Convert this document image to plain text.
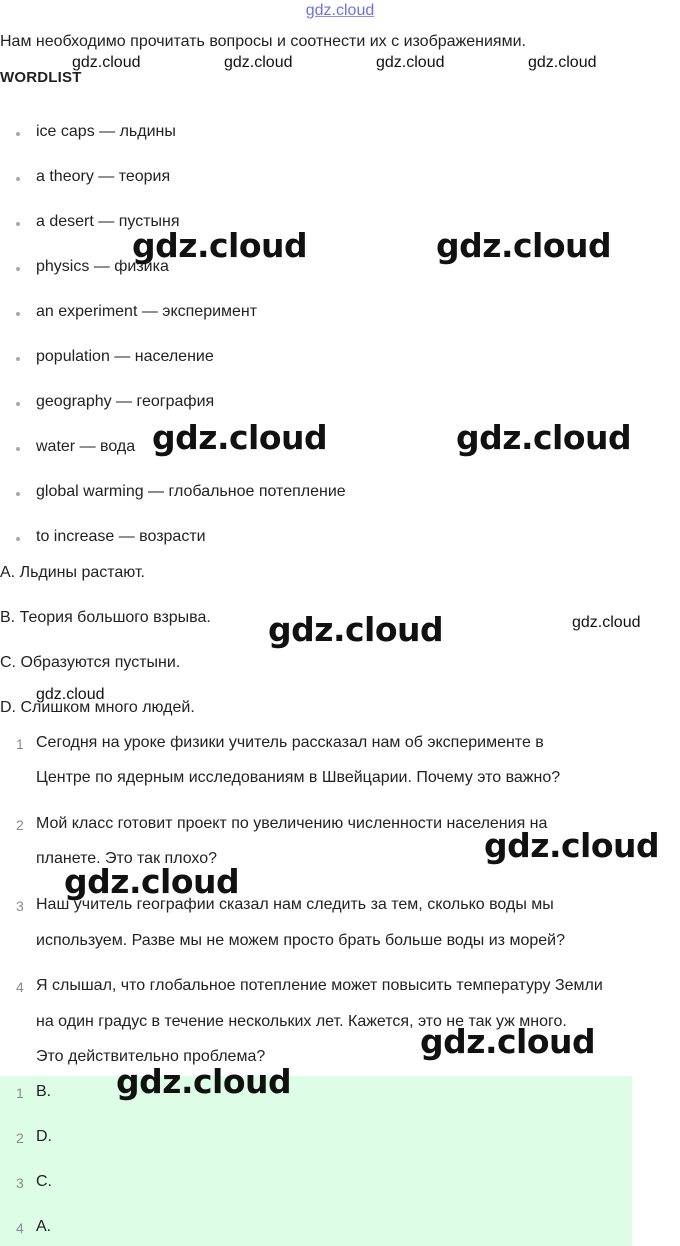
gdz.cloud
Нам необходимо прочитать вопросы и соотнести их с изображениями.
WORDLIST
ice caps — льдины
a theory — теория
a desert — пустыня
physics — физика
an experiment — эксперимент
population — население
geography — география
water — вода
global warming — глобальное потепление
to increase — возрасти
A. Льдины растают.
B. Теория большого взрыва.
C. Образуются пустыни.
D. Слишком много людей.
1 Сегодня на уроке физики учитель рассказал нам об эксперименте в
Центре по ядерным исследованиям в Швейцарии. Почему это важно?
2 Мой класс готовит проект по увеличению численности населения на
планете. Это так плохо?
3 Наш учитель географии сказал нам следить за тем, сколько воды мы
используем. Разве мы не можем просто брать больше воды из морей?
4 Я слышал, что глобальное потепление может повысить температуру Земли
на один градус в течение нескольких лет. Кажется, это не так уж много.
Это действительно проблема?
1 B.
2 D.
3 C.
4 A.
gdz.cloud	gdz.cloud	gdz.cloud	gdz.cloud
gdz.cloud	gdz.cloud
gdz.cloud	gdz.cloud
gdz.cloud	gdz.cloud
gdz.cloud
gdz.cloud
gdz.cloud
gdz.cloud
gdz.cloud
